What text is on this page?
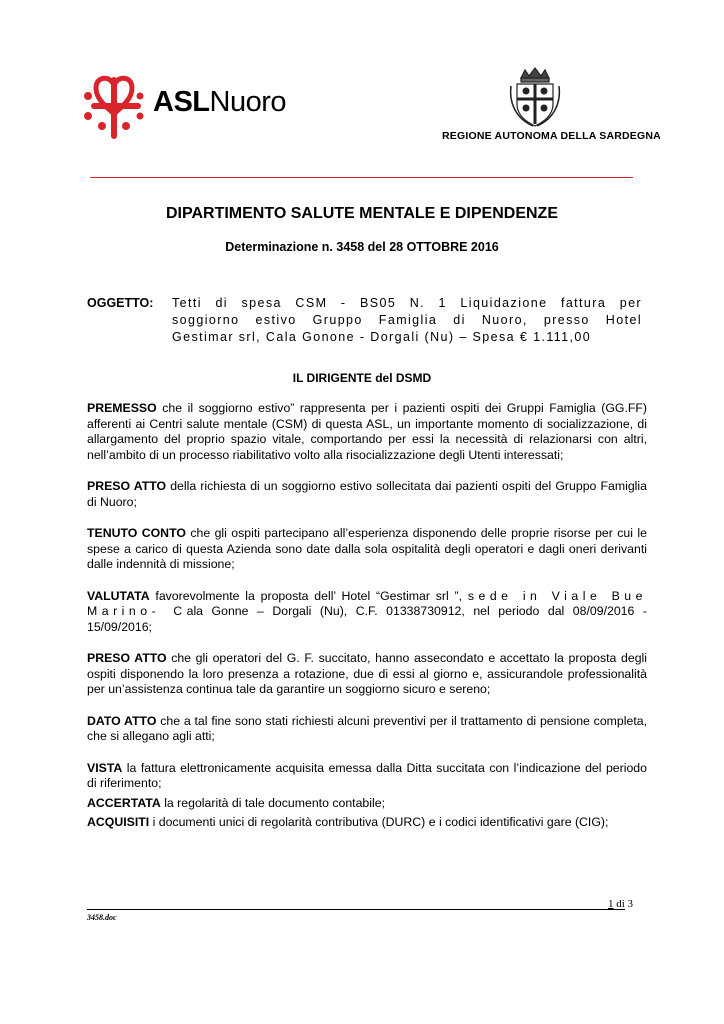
ASLNuoro
REGIONE AUTONOMA DELLA SARDEGNA
DIPARTIMENTO SALUTE MENTALE E DIPENDENZE
Determinazione n. 3458 del 28 OTTOBRE 2016
OGGETTO: Tetti di spesa CSM - BS05 N. 1 Liquidazione fattura per
soggiorno estivo Gruppo Famiglia di Nuoro, presso Hotel
Gestimar srl, Cala Gonone - Dorgali (Nu) – Spesa € 1.111,00
IL DIRIGENTE del DSMD

PREMESSO che il soggiorno estivo” rappresenta per i pazienti ospiti dei Gruppi Famiglia (GG.FF) afferenti ai Centri salute mentale (CSM) di questa ASL, un importante momento di socializzazione, di allargamento del proprio spazio vitale, comportando per essi la necessità di relazionarsi con altri, nell’ambito di un processo riabilitativo volto alla risocializzazione degli Utenti interessati;

PRESO ATTO della richiesta di un soggiorno estivo sollecitata dai pazienti ospiti del Gruppo Famiglia di Nuoro;

TENUTO CONTO che gli ospiti partecipano all’esperienza disponendo delle proprie risorse per cui le spese a carico di questa Azienda sono date dalla sola ospitalità degli operatori e dagli oneri derivanti dalle indennità di missione;

VALUTATA favorevolmente la proposta dell’ Hotel “Gestimar srl ”, sede in Viale Bue Marino- Cala Gonne – Dorgali (Nu), C.F. 01338730912, nel periodo dal 08/09/2016 - 15/09/2016;

PRESO ATTO che gli operatori del G. F. succitato, hanno assecondato e accettato la proposta degli ospiti disponendo la loro presenza a rotazione, due di essi al giorno e, assicurandole professionalità per un’assistenza continua tale da garantire un soggiorno sicuro e sereno;

DATO ATTO che a tal fine sono stati richiesti alcuni preventivi per il trattamento di pensione completa, che si allegano agli atti;

VISTA la fattura elettronicamente acquisita emessa dalla Ditta succitata con l’indicazione del periodo di riferimento;

ACCERTATA la regolarità di tale documento contabile;

ACQUISITI i documenti unici di regolarità contributiva (DURC) e i codici identificativi gare (CIG);

1 di 3
3458.doc
